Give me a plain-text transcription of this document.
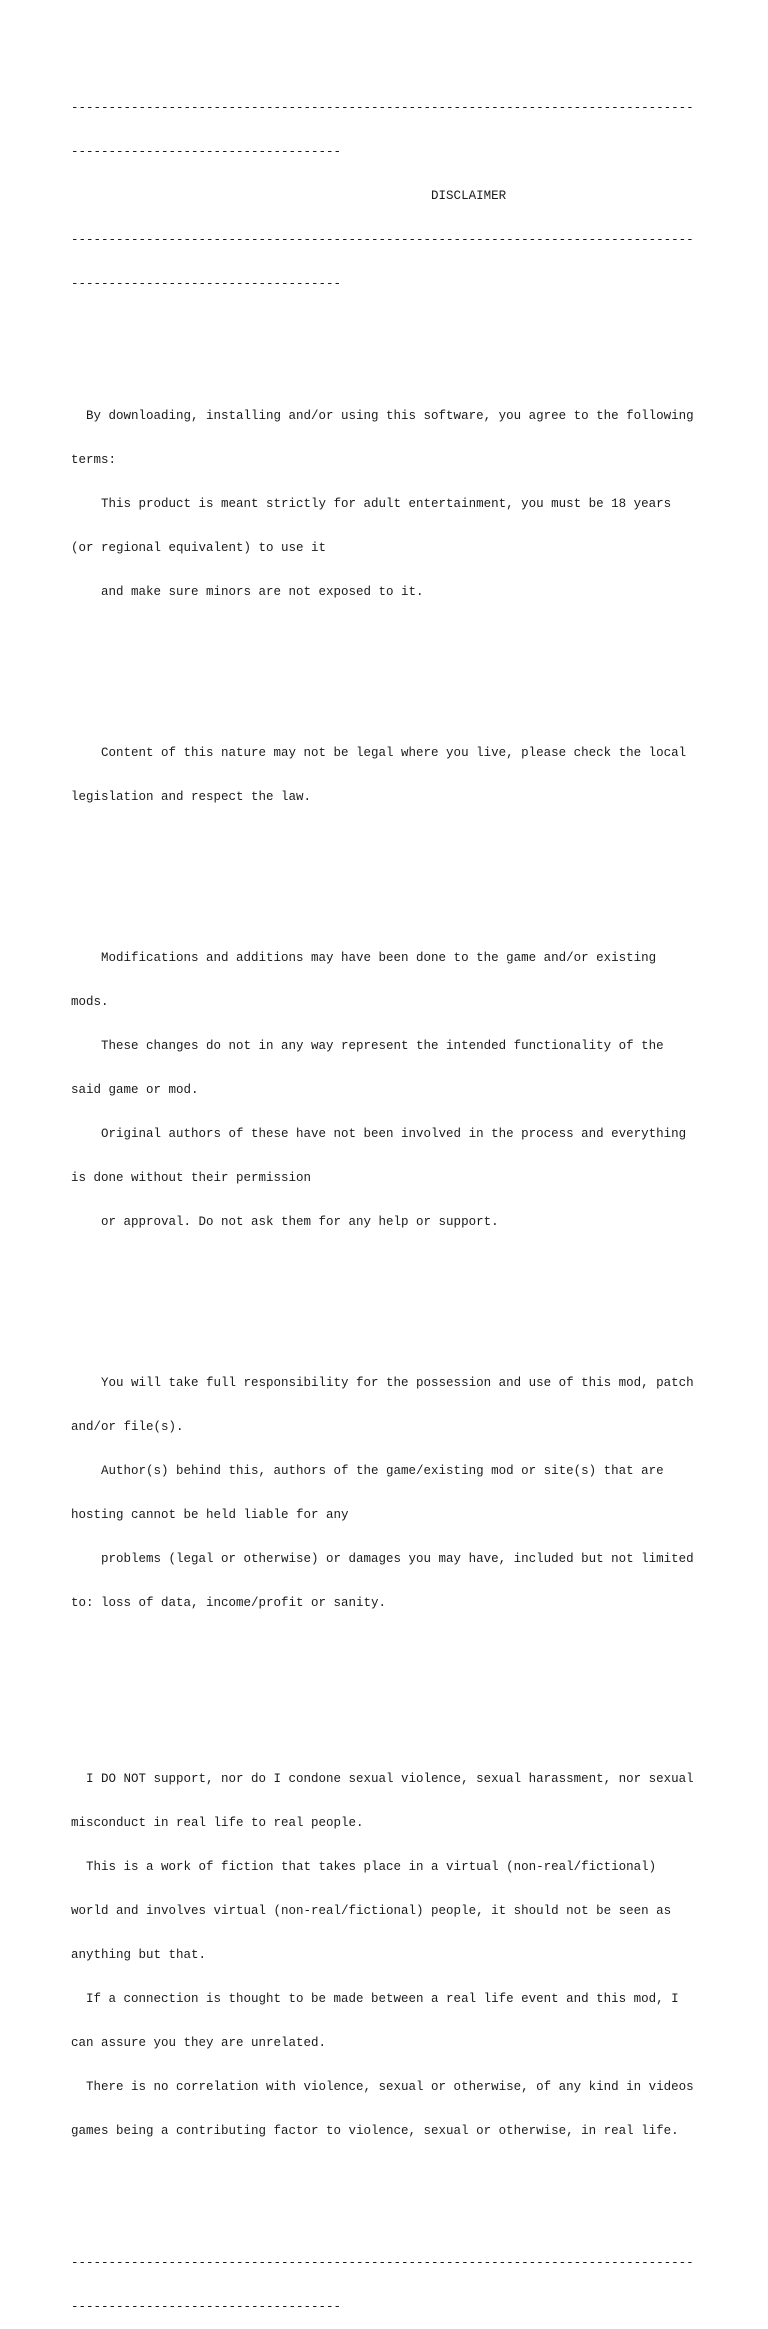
-----------------------------------------------------------------------------------

------------------------------------

DISCLAIMER

-----------------------------------------------------------------------------------

------------------------------------

By downloading, installing and/or using this software, you agree to the following

terms:

This product is meant strictly for adult entertainment, you must be 18 years

(or regional equivalent) to use it

and make sure minors are not exposed to it.

Content of this nature may not be legal where you live, please check the local

legislation and respect the law.

Modifications and additions may have been done to the game and/or existing

mods.

These changes do not in any way represent the intended functionality of the

said game or mod.

Original authors of these have not been involved in the process and everything

is done without their permission

or approval. Do not ask them for any help or support.

You will take full responsibility for the possession and use of this mod, patch

and/or file(s).

Author(s) behind this, authors of the game/existing mod or site(s) that are

hosting cannot be held liable for any

problems (legal or otherwise) or damages you may have, included but not limited

to: loss of data, income/profit or sanity.

I DO NOT support, nor do I condone sexual violence, sexual harassment, nor sexual

misconduct in real life to real people.

This is a work of fiction that takes place in a virtual (non-real/fictional)

world and involves virtual (non-real/fictional) people, it should not be seen as

anything but that.

If a connection is thought to be made between a real life event and this mod, I

can assure you they are unrelated.

There is no correlation with violence, sexual or otherwise, of any kind in videos

games being a contributing factor to violence, sexual or otherwise, in real life.

-----------------------------------------------------------------------------------

------------------------------------
